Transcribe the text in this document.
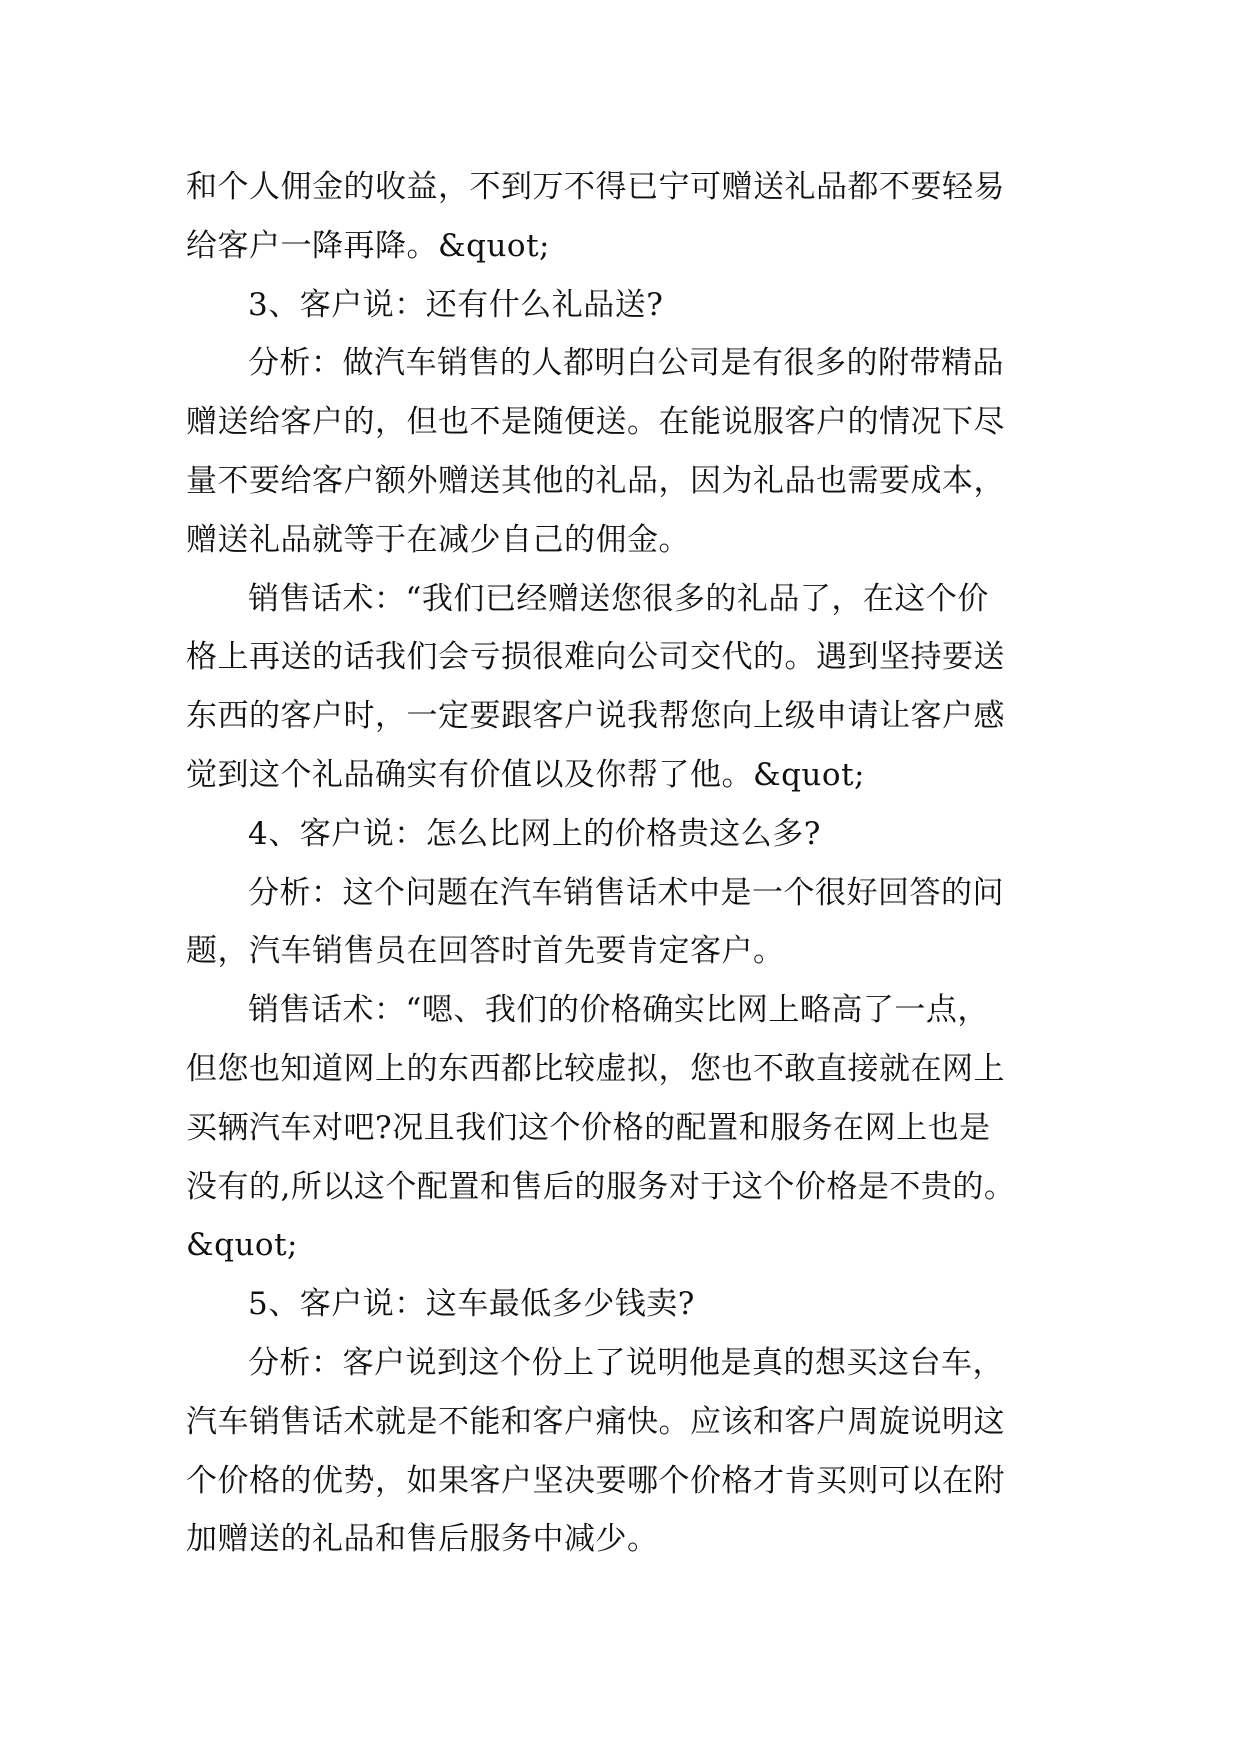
和个人佣金的收益，不到万不得已宁可赠送礼品都不要轻易
给客户一降再降。&quot;
3、客户说：还有什么礼品送?
分析：做汽车销售的人都明白公司是有很多的附带精品
赠送给客户的，但也不是随便送。在能说服客户的情况下尽
量不要给客户额外赠送其他的礼品，因为礼品也需要成本，
赠送礼品就等于在减少自己的佣金。
销售话术：“我们已经赠送您很多的礼品了，在这个价
格上再送的话我们会亏损很难向公司交代的。遇到坚持要送
东西的客户时，一定要跟客户说我帮您向上级申请让客户感
觉到这个礼品确实有价值以及你帮了他。&quot;
4、客户说：怎么比网上的价格贵这么多?
分析：这个问题在汽车销售话术中是一个很好回答的问
题，汽车销售员在回答时首先要肯定客户。
销售话术：“嗯、我们的价格确实比网上略高了一点，
但您也知道网上的东西都比较虚拟，您也不敢直接就在网上
买辆汽车对吧?况且我们这个价格的配置和服务在网上也是
没有的,所以这个配置和售后的服务对于这个价格是不贵的。
&quot;
5、客户说：这车最低多少钱卖?
分析：客户说到这个份上了说明他是真的想买这台车，
汽车销售话术就是不能和客户痛快。应该和客户周旋说明这
个价格的优势，如果客户坚决要哪个价格才肯买则可以在附
加赠送的礼品和售后服务中减少。
